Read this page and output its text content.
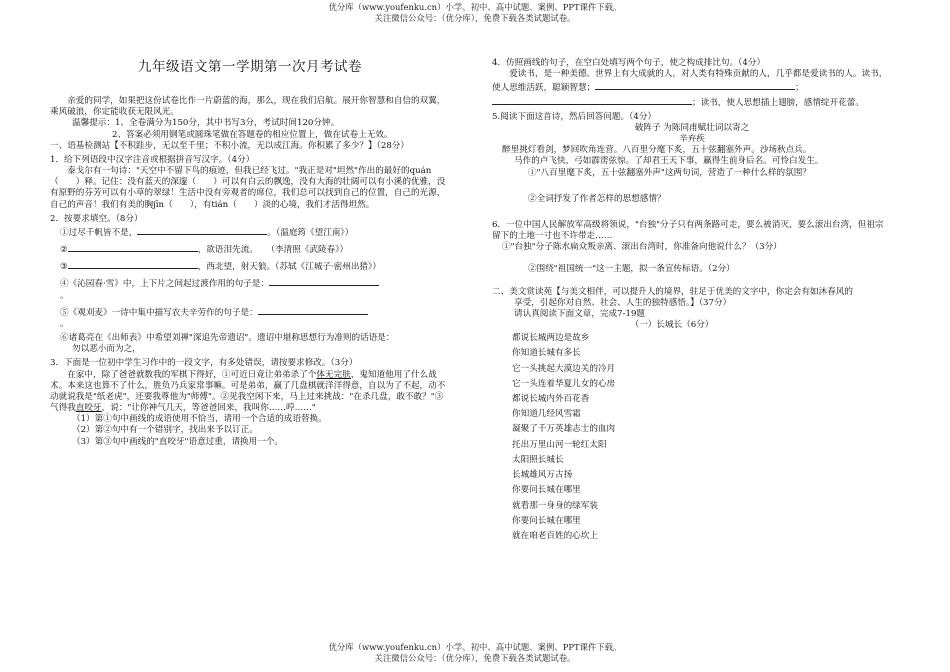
优分库（www.youfenku.cn）小学、初中、高中试题、案例、PPT课件下载。
关注微信公众号：（优分库），免费下载各类试题试卷。
九年级语文第一学期第一次月考试卷

亲爱的同学，如果把这份试卷比作一片蔚蓝的海，那么，现在我们启航。展开你智慧和自信的双翼，乘风破浪，你定能收获无限风光。

温馨提示：1、全卷满分为150分，其中书写3分，考试时间120分钟。

2、答案必须用钢笔或圆珠笔做在答题卷的相应位置上，做在试卷上无效。

一、语基检测站【不积跬步，无以至千里；不积小流，无以成江海。你积累了多少？】（28分）

1．给下列语段中汉字注音或根据拼音写汉字。（4分）

泰戈尔有一句诗："天空中不留下鸟的痕迹，但我已经飞过。"我正是对"坦然"作出的最好的quán（　　）释。记住：没有蓝天的深邃（　　）可以有白云的飘逸，没有大海的壮阔可以有小溪的优雅，没有原野的芬芳可以有小草的翠绿！生活中没有旁观者的席位，我们总可以找到自己的位置，自己的光源，自己的声音！我们有美的胸jīn（　　），有tián（　　）淡的心境，我们才活得坦然。

2．按要求填空。（8分）

①过尽千帆皆不是，	。（温庭筠《望江南》）

②	，欲语泪先流。　　（李清照《武陵春》）

③	，西北望，射天狼。（苏轼《江城子·密州出猎》）

④《沁园春·雪》中，上下片之间起过渡作用的句子是：
。

⑤《观刈麦》一诗中集中描写农夫辛劳作的句子是：
。

⑥诸葛亮在《出师表》中希望刘禅"深追先帝遗诏"。遗诏中堪称思想行为准则的话语是：

勿以恶小而为之，

3．下面是一位初中学生习作中的一段文字，有多处错误，请按要求修改。（3分）

在家中，除了爸爸就数我的军棋下得好，①可近日竟让弟弟杀了个体无完肤，鬼知道他用了什么战术。本来这也算不了什么，胜负乃兵家常事嘛。可是弟弟，赢了几盘棋就洋洋得意，自以为了不起，动不动就说我是"纸老虎"，还要我尊他为"师傅"。②见我空闲下来，马上过来挑战："在杀几盘，敢不敢？"③气得我直咬牙，说："让你神气几天，等爸爸回来，我叫你……哼……"

（1）第①句中画线的成语使用不恰当，请用一个合适的成语替换。

（2）第②句中有一个错别字，找出来予以订正。

（3）第③句中画线的"直咬牙"语意过重，请换用一个。

4．仿照画线的句子，在空白处填写两个句子，使之构成排比句。（4分）

爱读书，是一种美德。世界上有大成就的人，对人类有特殊贡献的人，几乎都是爱读书的人。读书，使人思维活跃，聪颖智慧；	；

；读书，使人思想插上翅膀，感情绽开花蕾。

5.阅读下面这首诗，然后回答问题。（4分）

破阵子 为陈同甫赋壮词以寄之

辛弃疾

醉里挑灯看剑，梦回吹角连营。八百里分麾下炙，五十弦翻塞外声。沙场秋点兵。

马作的卢飞快，弓如霹雳弦惊。了却君王天下事，赢得生前身后名。可怜白发生。

①"八百里麾下炙，五十弦翻塞外声"这两句词，营造了一种什么样的氛围？

②全词抒发了作者怎样的思想感情？

6．一位中国人民解放军高级将领说，"台独"分子只有两条路可走，要么被消灭，要么滚出台湾，但祖宗留下的土地一寸也不许带走……

①"台独"分子陈水扁众叛亲离、滚出台湾时，你准备向他说什么？（3分）

②围绕"祖国统一"这一主题，拟一条宣传标语。（2分）

二、美文赏读苑【与美文相伴，可以提升人的境界，驻足于优美的文字中，你定会有如沐春风的

享受，引起你对自然、社会、人生的独特感悟。】（37分）

请认真阅读下面文章，完成7-19题

（一）长城长（6分）

都说长城两边是故乡

你知道长城有多长

它一头挑起大漠边关的冷月

它一头连着华夏儿女的心房

都说长城内外百花香

你知道几经风雪霜

凝聚了千万英雄志士的血肉

托出万里山河一轮红太阳

太阳照长城长

长城雄风万古扬

你要问长城在哪里

就看那一身身的绿军装

你要问长城在哪里

就在咱老百姓的心坎上

优分库（www.youfenku.cn）小学、初中、高中试题、案例、PPT课件下载。
关注微信公众号：（优分库），免费下载各类试题试卷。
